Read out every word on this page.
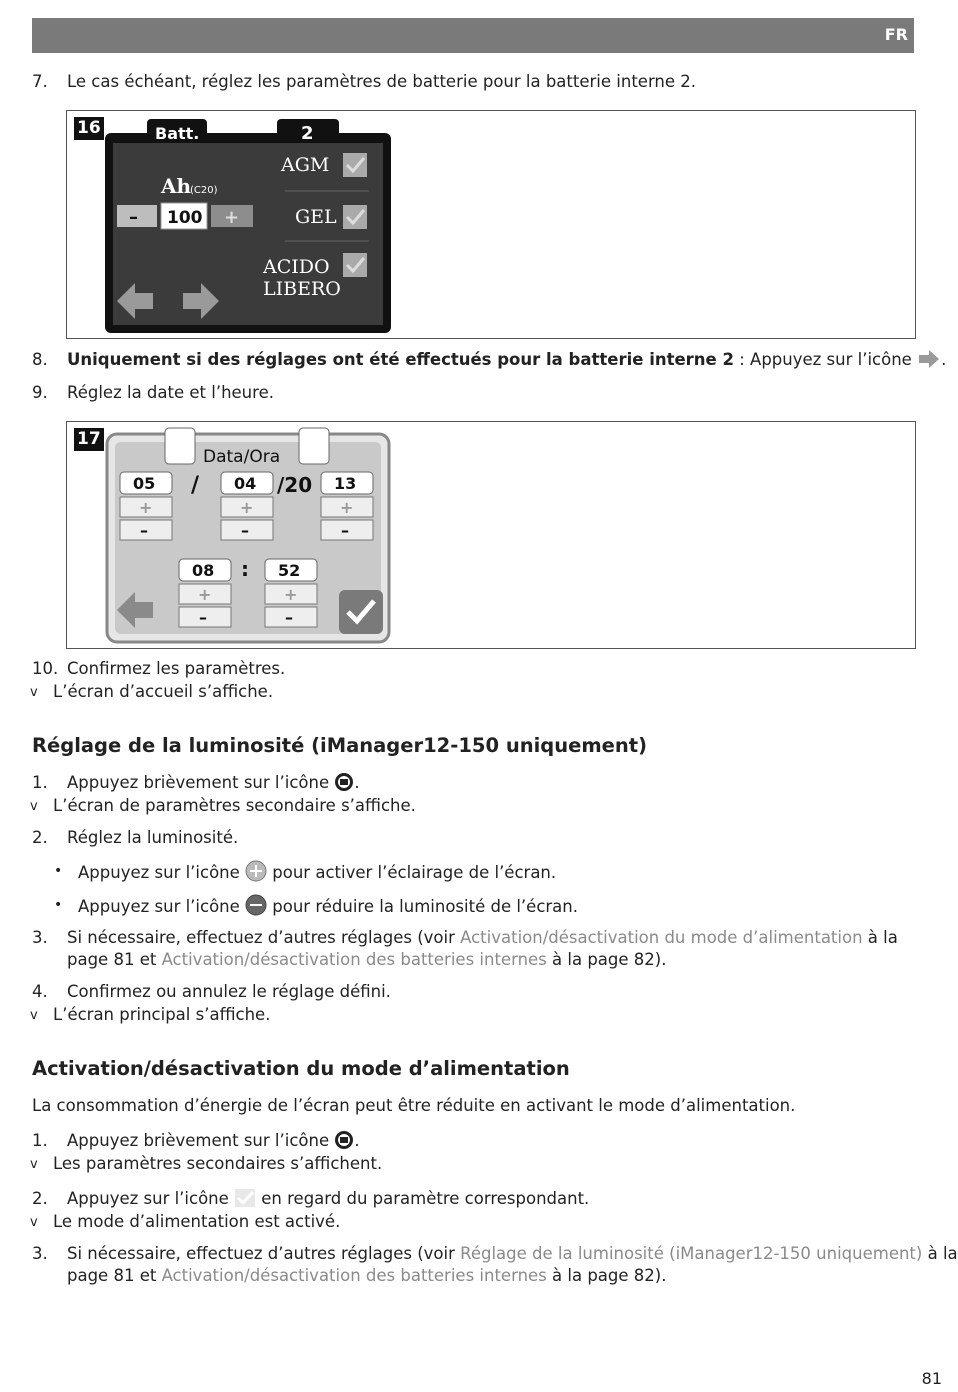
FR
7. Le cas échéant, réglez les paramètres de batterie pour la batterie interne 2.
16	Batt.	2
Ah
(C20)
– 100 +
AGM
GEL
ACIDO
LIBERO
8. Uniquement si des réglages ont été effectués pour la batterie interne 2 : Appuyez sur l’icône .
9. Réglez la date et l’heure.
17
Data/Ora
05
+
–
/ 04
+
–
/20 13
+
–
08
+
–
: 52
+
–
10. Confirmez les paramètres.
v L’écran d’accueil s’affiche.
Réglage de la luminosité (iManager12-150 uniquement)
1. Appuyez brièvement sur l’icône .
v L’écran de paramètres secondaire s’affiche.
2. Réglez la luminosité.
• Appuyez sur l’icône  pour activer l’éclairage de l’écran.
• Appuyez sur l’icône  pour réduire la luminosité de l’écran.
3. Si nécessaire, effectuez d’autres réglages (voir Activation/désactivation du mode d’alimentation à la
page 81 et Activation/désactivation des batteries internes à la page 82).
4. Confirmez ou annulez le réglage défini.
v L’écran principal s’affiche.
Activation/désactivation du mode d’alimentation
La consommation d’énergie de l’écran peut être réduite en activant le mode d’alimentation.
1. Appuyez brièvement sur l’icône .
v Les paramètres secondaires s’affichent.
2. Appuyez sur l’icône  en regard du paramètre correspondant.
v Le mode d’alimentation est activé.
3. Si nécessaire, effectuez d’autres réglages (voir Réglage de la luminosité (iManager12-150 uniquement) à la
page 81 et Activation/désactivation des batteries internes à la page 82).
81
